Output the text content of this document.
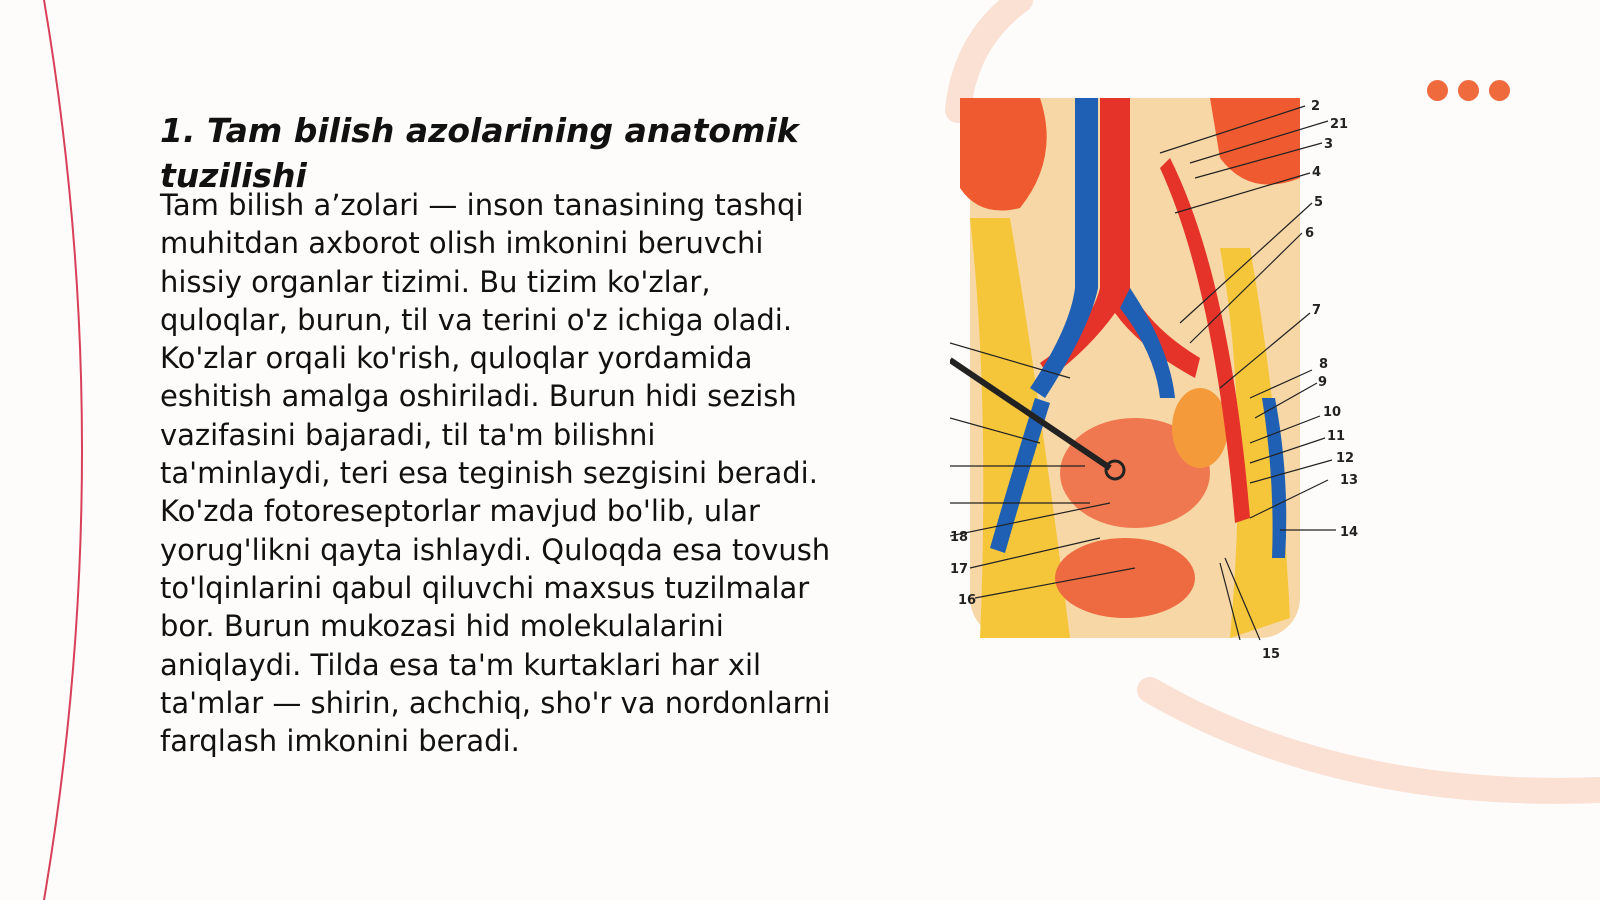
1. Tam bilish azolarining anatomik tuzilishi

Tam bilish a’zolari — inson tanasining tashqi muhitdan axborot olish imkonini beruvchi hissiy organlar tizimi. Bu tizim ko'zlar, quloqlar, burun, til va terini o'z ichiga oladi. Ko'zlar orqali ko'rish, quloqlar yordamida eshitish amalga oshiriladi. Burun hidi sezish vazifasini bajaradi, til ta'm bilishni ta'minlaydi, teri esa teginish sezgisini beradi. Ko'zda fotoreseptorlar mavjud bo'lib, ular yorug'likni qayta ishlaydi. Quloqda esa tovush to'lqinlarini qabul qiluvchi maxsus tuzilmalar bor. Burun mukozasi hid molekulalarini aniqlaydi. Tilda esa ta'm kurtaklari har xil ta'mlar — shirin, achchiq, sho'r va nordonlarni farqlash imkonini beradi.

2
21
3
4
5
6
7
8
9
10
11
12
13
14
15
16
17
18
